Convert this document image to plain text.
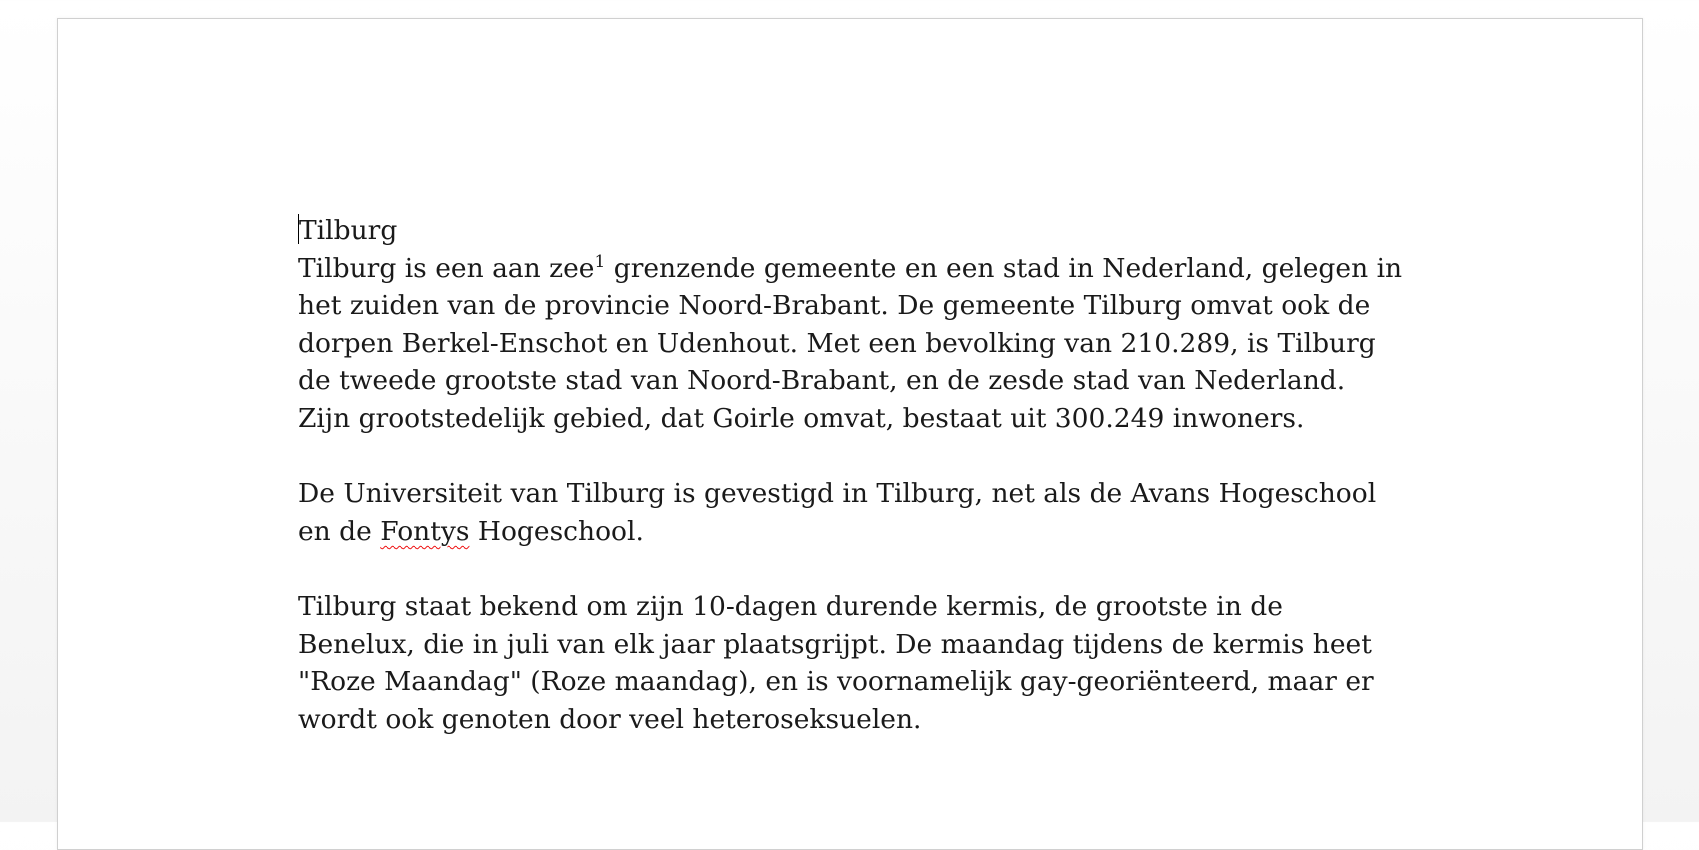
Tilburg

Tilburg is een aan zee$^1$ grenzende gemeente en een stad in Nederland, gelegen in
het zuiden van de provincie Noord-Brabant. De gemeente Tilburg omvat ook de
dorpen Berkel-Enschot en Udenhout. Met een bevolking van 210.289, is Tilburg
de tweede grootste stad van Noord-Brabant, en de zesde stad van Nederland.
Zijn grootstedelijk gebied, dat Goirle omvat, bestaat uit 300.249 inwoners.

De Universiteit van Tilburg is gevestigd in Tilburg, net als de Avans Hogeschool
en de Fontys Hogeschool.

Tilburg staat bekend om zijn 10-dagen durende kermis, de grootste in de
Benelux, die in juli van elk jaar plaatsgrijpt. De maandag tijdens de kermis heet
"Roze Maandag" (Roze maandag), en is voornamelijk gay-georiënteerd, maar er
wordt ook genoten door veel heteroseksuelen.
